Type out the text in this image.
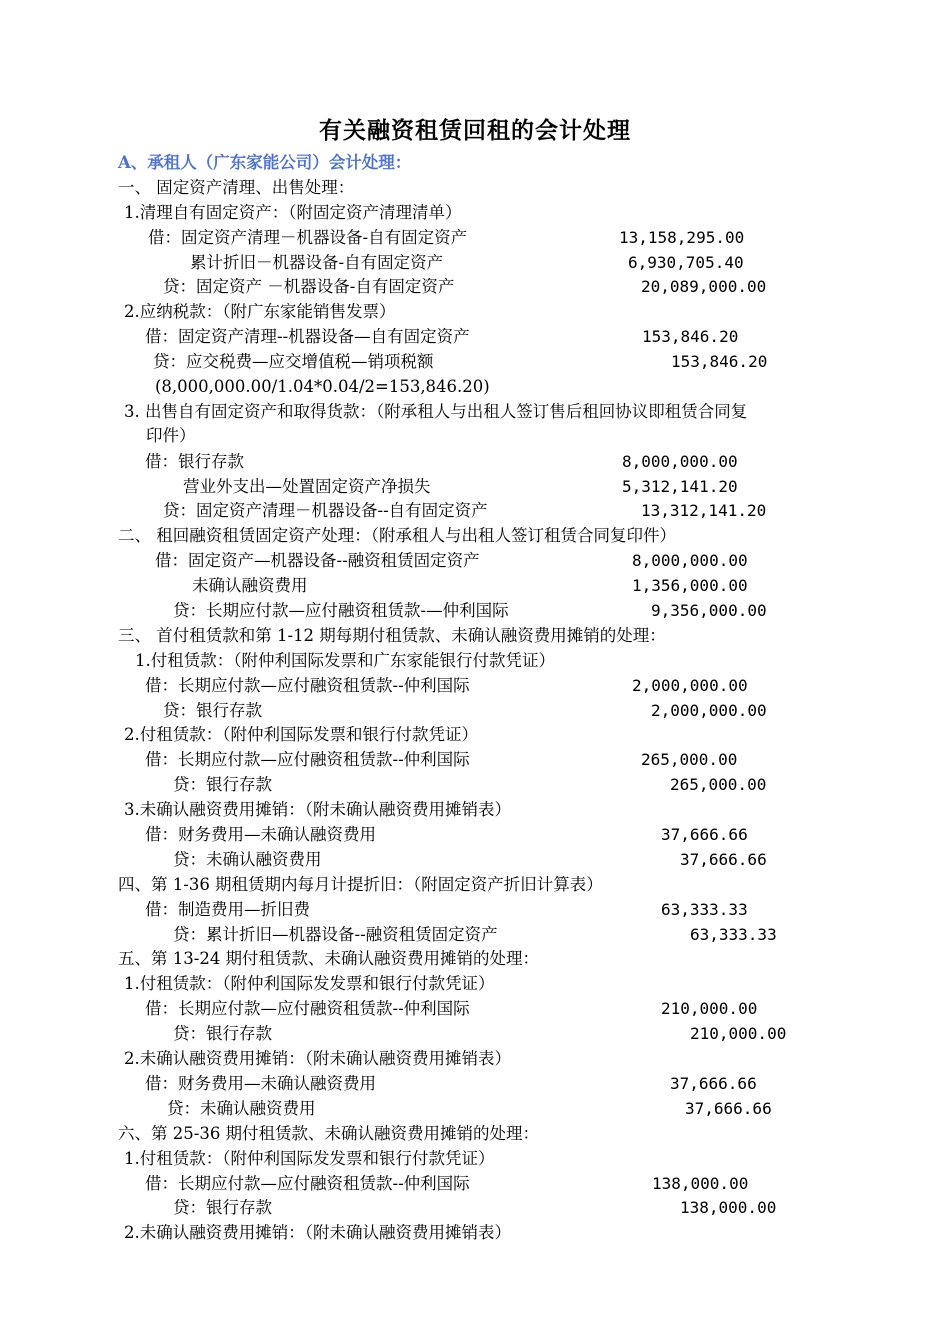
有关融资租赁回租的会计处理
A、承租人（广东家能公司）会计处理：
一、 固定资产清理、出售处理：
1.清理自有固定资产：（附固定资产清理清单）
借：固定资产清理－机器设备-自有固定资产	13,158,295.00
累计折旧－机器设备-自有固定资产	6,930,705.40
贷：固定资产 －机器设备-自有固定资产	20,089,000.00
2.应纳税款：（附广东家能销售发票）
借：固定资产清理--机器设备—自有固定资产	153,846.20
贷：应交税费—应交增值税—销项税额	153,846.20
(8,000,000.00/1.04*0.04/2=153,846.20)
3. 出售自有固定资产和取得货款：（附承租人与出租人签订售后租回协议即租赁合同复
印件）
借：银行存款	8,000,000.00
营业外支出—处置固定资产净损失	5,312,141.20
贷：固定资产清理－机器设备--自有固定资产	13,312,141.20
二、 租回融资租赁固定资产处理：（附承租人与出租人签订租赁合同复印件）
借：固定资产—机器设备--融资租赁固定资产	8,000,000.00
未确认融资费用	1,356,000.00
贷：长期应付款—应付融资租赁款-—仲利国际	9,356,000.00
三、 首付租赁款和第 1-12 期每期付租赁款、未确认融资费用摊销的处理：
1.付租赁款：（附仲利国际发票和广东家能银行付款凭证）
借：长期应付款—应付融资租赁款--仲利国际	2,000,000.00
贷：银行存款	2,000,000.00
2.付租赁款：（附仲利国际发票和银行付款凭证）
借：长期应付款—应付融资租赁款--仲利国际	265,000.00
贷：银行存款	265,000.00
3.未确认融资费用摊销：（附未确认融资费用摊销表）
借：财务费用—未确认融资费用	37,666.66
贷：未确认融资费用	37,666.66
四、第 1-36 期租赁期内每月计提折旧：（附固定资产折旧计算表）
借：制造费用—折旧费	63,333.33
贷：累计折旧—机器设备--融资租赁固定资产	63,333.33
五、第 13-24 期付租赁款、未确认融资费用摊销的处理：
1.付租赁款：（附仲利国际发发票和银行付款凭证）
借：长期应付款—应付融资租赁款--仲利国际	210,000.00
贷：银行存款	210,000.00
2.未确认融资费用摊销：（附未确认融资费用摊销表）
借：财务费用—未确认融资费用	37,666.66
贷：未确认融资费用	37,666.66
六、第 25-36 期付租赁款、未确认融资费用摊销的处理：
1.付租赁款：（附仲利国际发发票和银行付款凭证）
借：长期应付款—应付融资租赁款--仲利国际	138,000.00
贷：银行存款	138,000.00
2.未确认融资费用摊销：（附未确认融资费用摊销表）
